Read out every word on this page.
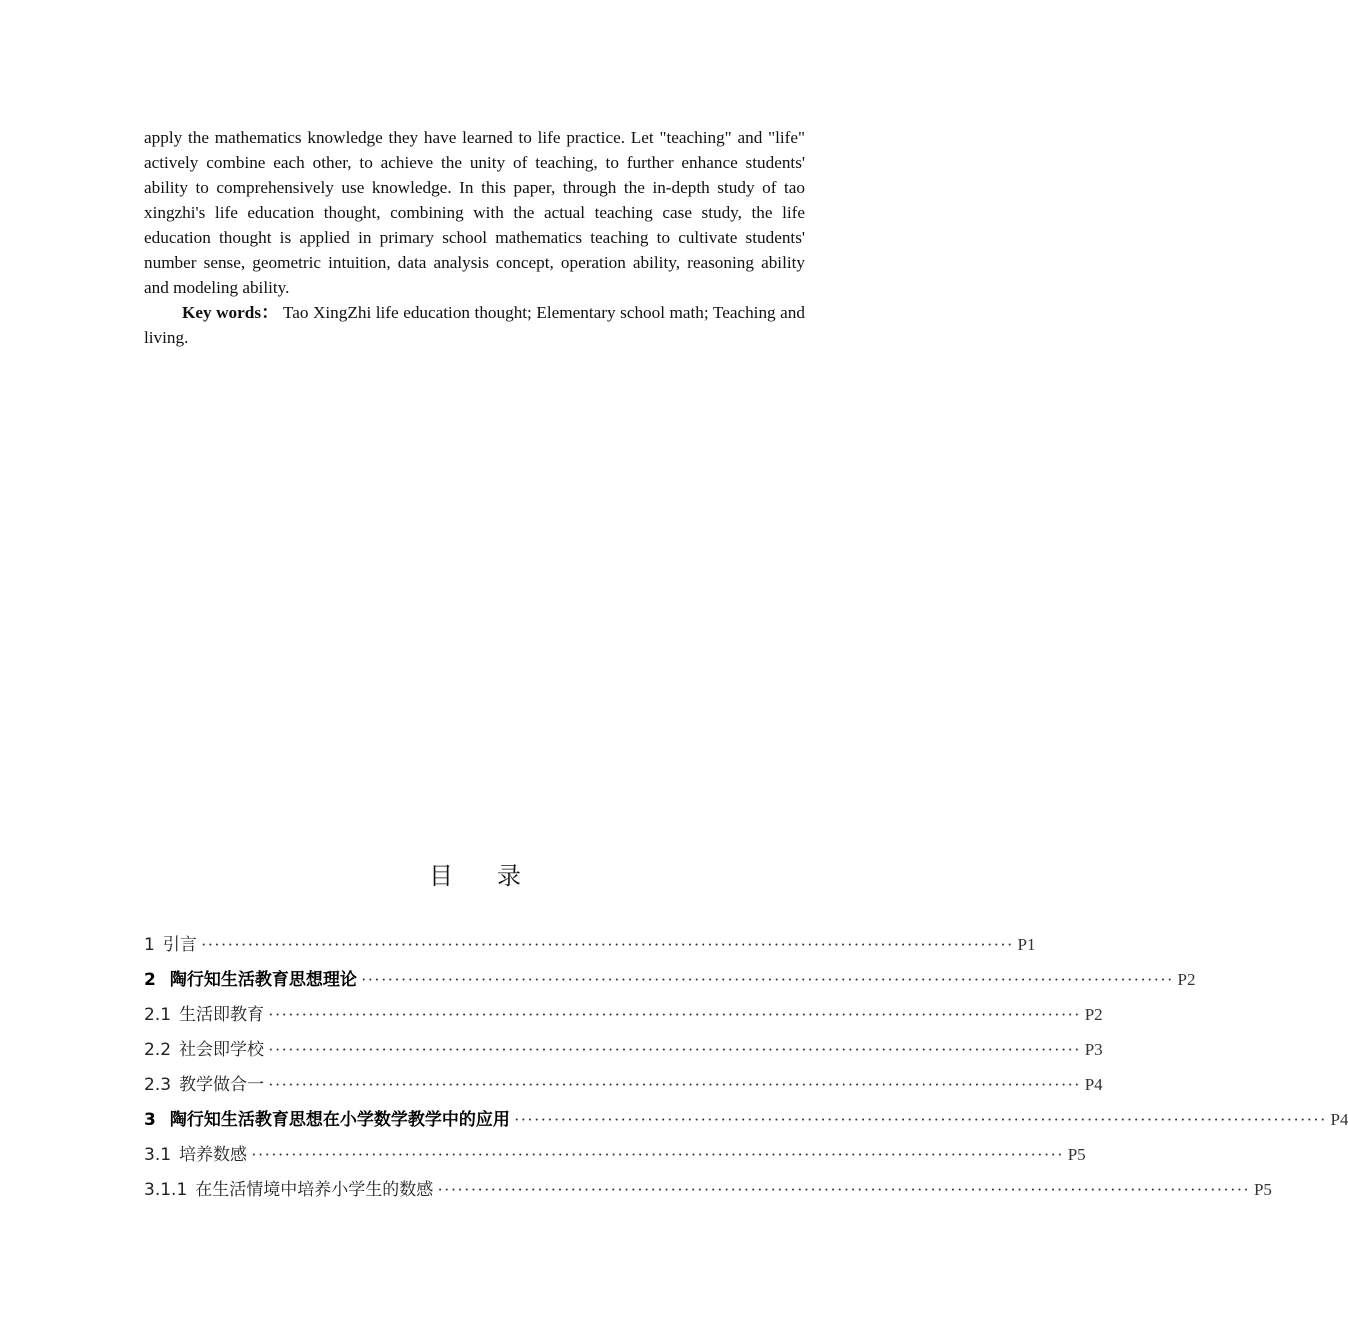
apply the mathematics knowledge they have learned to life practice. Let "teaching" and "life" actively combine each other, to achieve the unity of teaching, to further enhance students' ability to comprehensively use knowledge. In this paper, through the in-depth study of tao xingzhi's life education thought, combining with the actual teaching case study, the life education thought is applied in primary school mathematics teaching to cultivate students' number sense, geometric intuition, data analysis concept, operation ability, reasoning ability and modeling ability.

Key words： Tao XingZhi life education thought; Elementary school math; Teaching and living.

目 录
1 引言 ·························································································································· P1
2 陶行知生活教育思想理论 ·························································································································· P2
2.1 生活即教育 ·························································································································· P2
2.2 社会即学校 ·························································································································· P3
2.3 教学做合一 ·························································································································· P4
3 陶行知生活教育思想在小学数学教学中的应用 ·························································································································· P4
3.1 培养数感 ·························································································································· P5
3.1.1 在生活情境中培养小学生的数感 ·························································································································· P5
